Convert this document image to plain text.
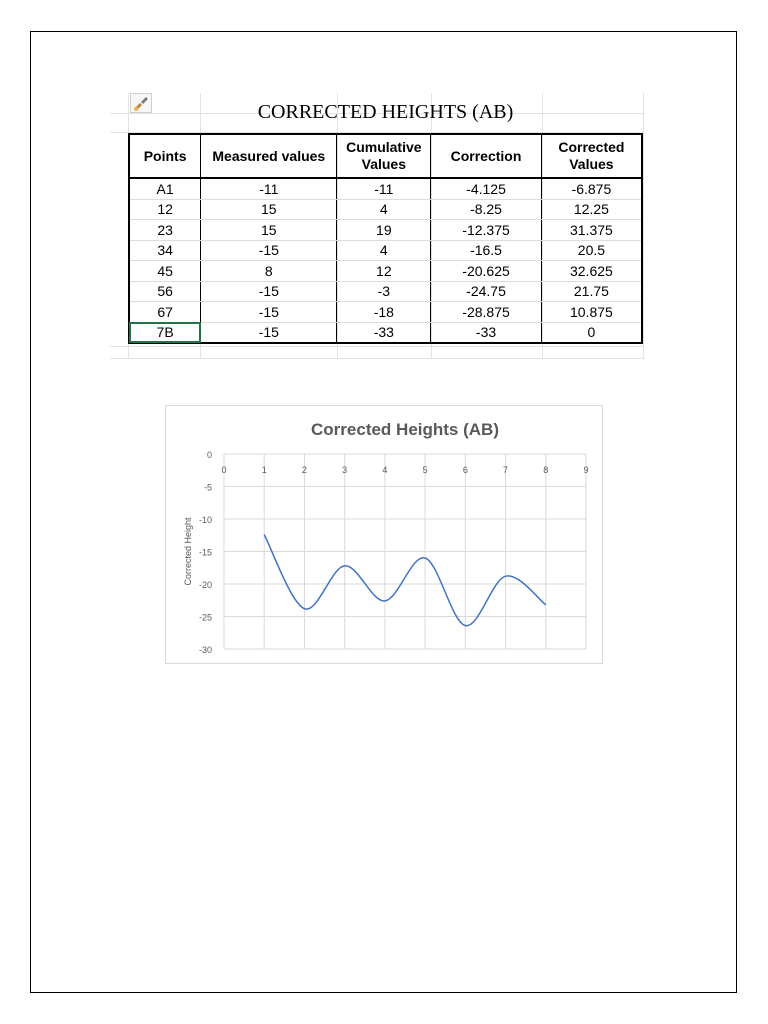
CORRECTED HEIGHTS (AB)
Points	Measured values	Cumulative Values	Correction	Corrected Values
A1	-11	-11	-4.125	-6.875
12	15	4	-8.25	12.25
23	15	19	-12.375	31.375
34	-15	4	-16.5	20.5
45	8	12	-20.625	32.625
56	-15	-3	-24.75	21.75
67	-15	-18	-28.875	10.875
7B	-15	-33	-33	0
Corrected Heights (AB)
0
-5
-10
-15
-20
-25
-30
0	1	2	3	4	5	6	7	8	9
Corrected Height
